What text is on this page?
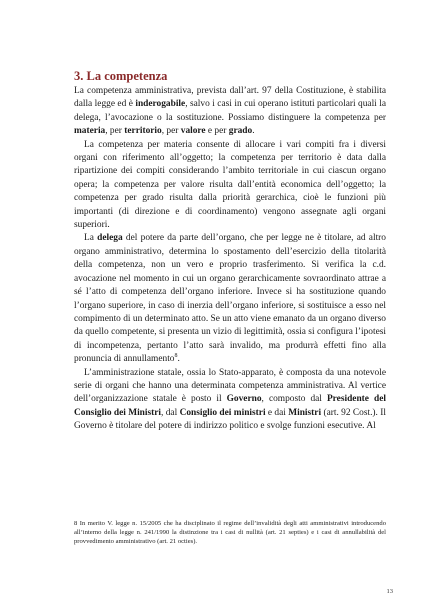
3. La competenza

La competenza amministrativa, prevista dall’art. 97 della Costituzione, è stabilita dalla legge ed è inderogabile, salvo i casi in cui operano istituti particolari quali la delega, l’avocazione o la sostituzione. Possiamo distinguere la competenza per materia, per territorio, per valore e per grado.

La competenza per materia consente di allocare i vari compiti fra i diversi organi con riferimento all’oggetto; la competenza per territorio è data dalla ripartizione dei compiti considerando l’ambito territoriale in cui ciascun organo opera; la competenza per valore risulta dall’entità economica dell’oggetto; la competenza per grado risulta dalla priorità gerarchica, cioè le funzioni più importanti (di direzione e di coordinamento) vengono assegnate agli organi superiori.

La delega del potere da parte dell’organo, che per legge ne è titolare, ad altro organo amministrativo, determina lo spostamento dell’esercizio della titolarità della competenza, non un vero e proprio trasferimento. Si verifica la c.d. avocazione nel momento in cui un organo gerarchicamente sovraordinato attrae a sé l’atto di competenza dell’organo inferiore. Invece si ha sostituzione quando l’organo superiore, in caso di inerzia dell’organo inferiore, si sostituisce a esso nel compimento di un determinato atto. Se un atto viene emanato da un organo diverso da quello competente, si presenta un vizio di legittimità, ossia si configura l’ipotesi di incompetenza, pertanto l’atto sarà invalido, ma produrrà effetti fino alla pronuncia di annullamento$^8$.

L’amministrazione statale, ossia lo Stato-apparato, è composta da una notevole serie di organi che hanno una determinata competenza amministrativa. Al vertice dell’organizzazione statale è posto il Governo, composto dal Presidente del Consiglio dei Ministri, dal Consiglio dei ministri e dai Ministri (art. 92 Cost.). Il Governo è titolare del potere di indirizzo politico e svolge funzioni esecutive. Al

8 In merito V. legge n. 15/2005 che ha disciplinato il regime dell’invalidità degli atti amministrativi introducendo all’interno della legge n. 241/1990 la distinzione tra i casi di nullità (art. 21 septies) e i casi di annullabilità del provvedimento amministrativo (art. 21 octies).

13
